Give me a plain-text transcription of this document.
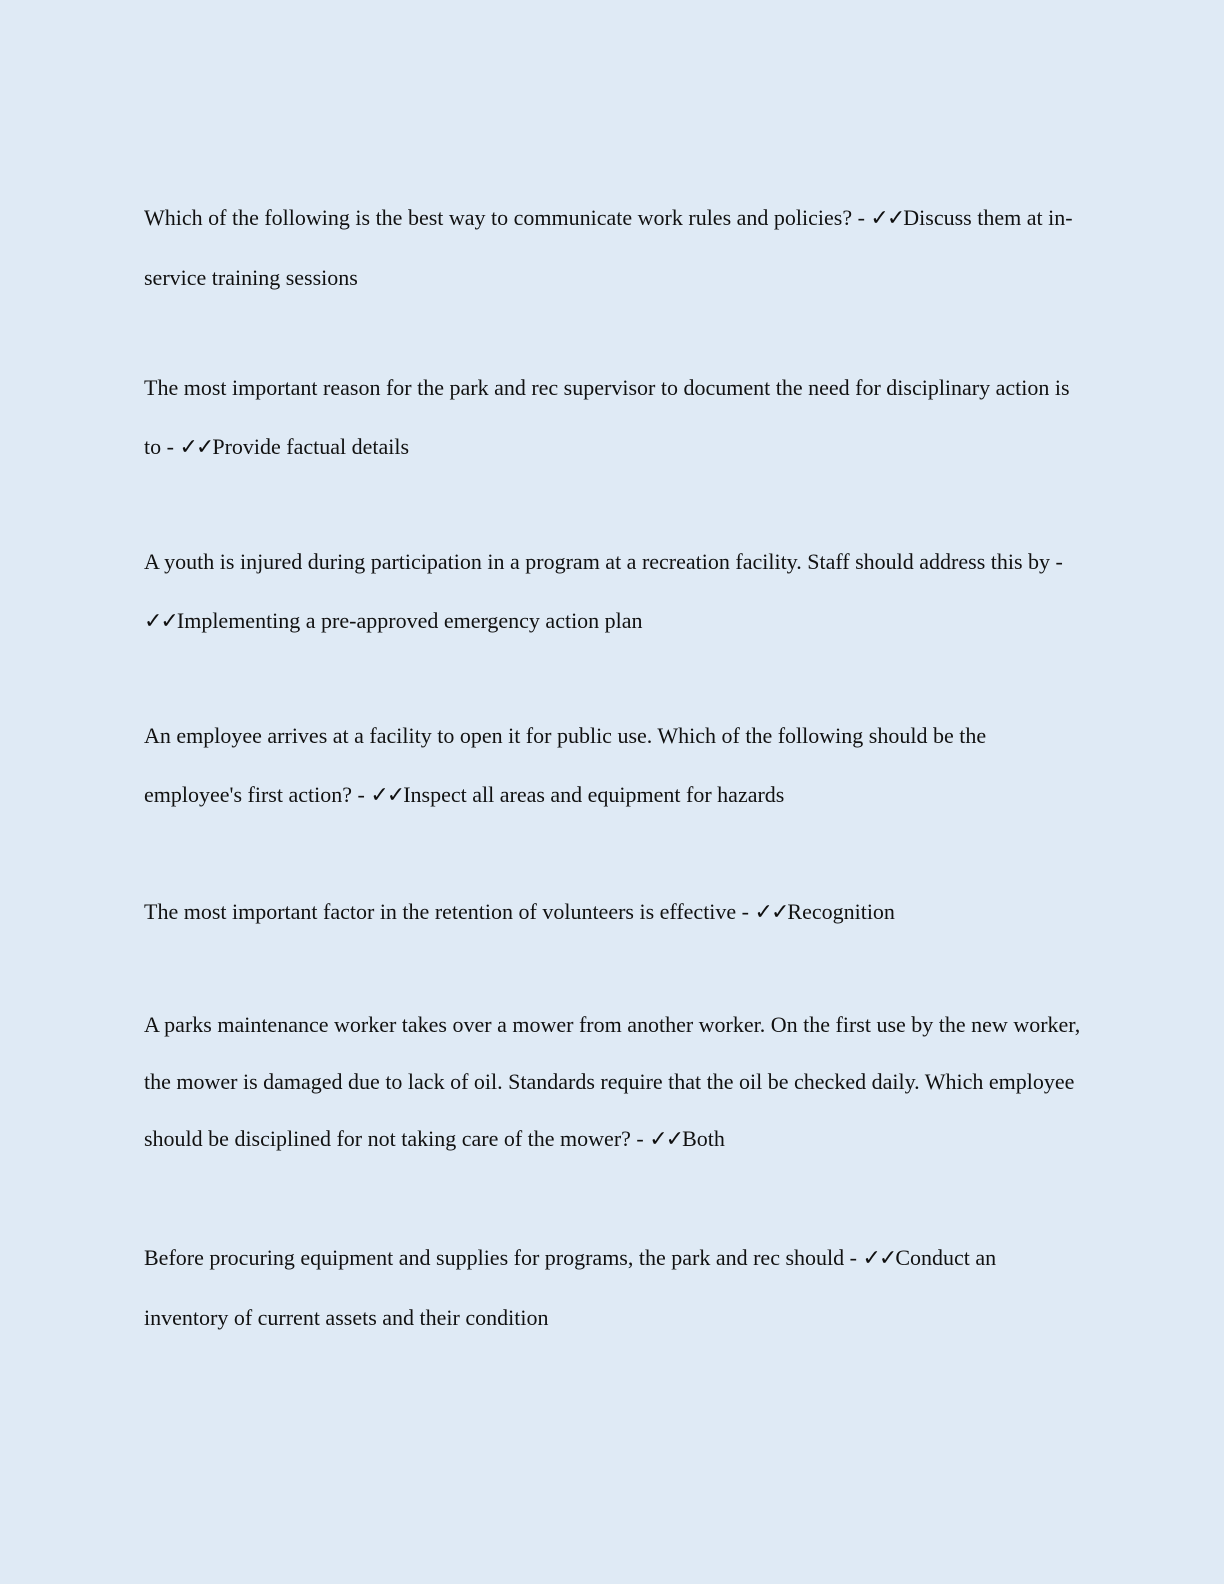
Which of the following is the best way to communicate work rules and policies? - ✓✓Discuss them at in-service training sessions

The most important reason for the park and rec supervisor to document the need for disciplinary action is to - ✓✓Provide factual details

A youth is injured during participation in a program at a recreation facility. Staff should address this by - ✓✓Implementing a pre-approved emergency action plan

An employee arrives at a facility to open it for public use. Which of the following should be the employee's first action? - ✓✓Inspect all areas and equipment for hazards

The most important factor in the retention of volunteers is effective - ✓✓Recognition

A parks maintenance worker takes over a mower from another worker. On the first use by the new worker, the mower is damaged due to lack of oil. Standards require that the oil be checked daily. Which employee should be disciplined for not taking care of the mower? - ✓✓Both

Before procuring equipment and supplies for programs, the park and rec should - ✓✓Conduct an inventory of current assets and their condition
